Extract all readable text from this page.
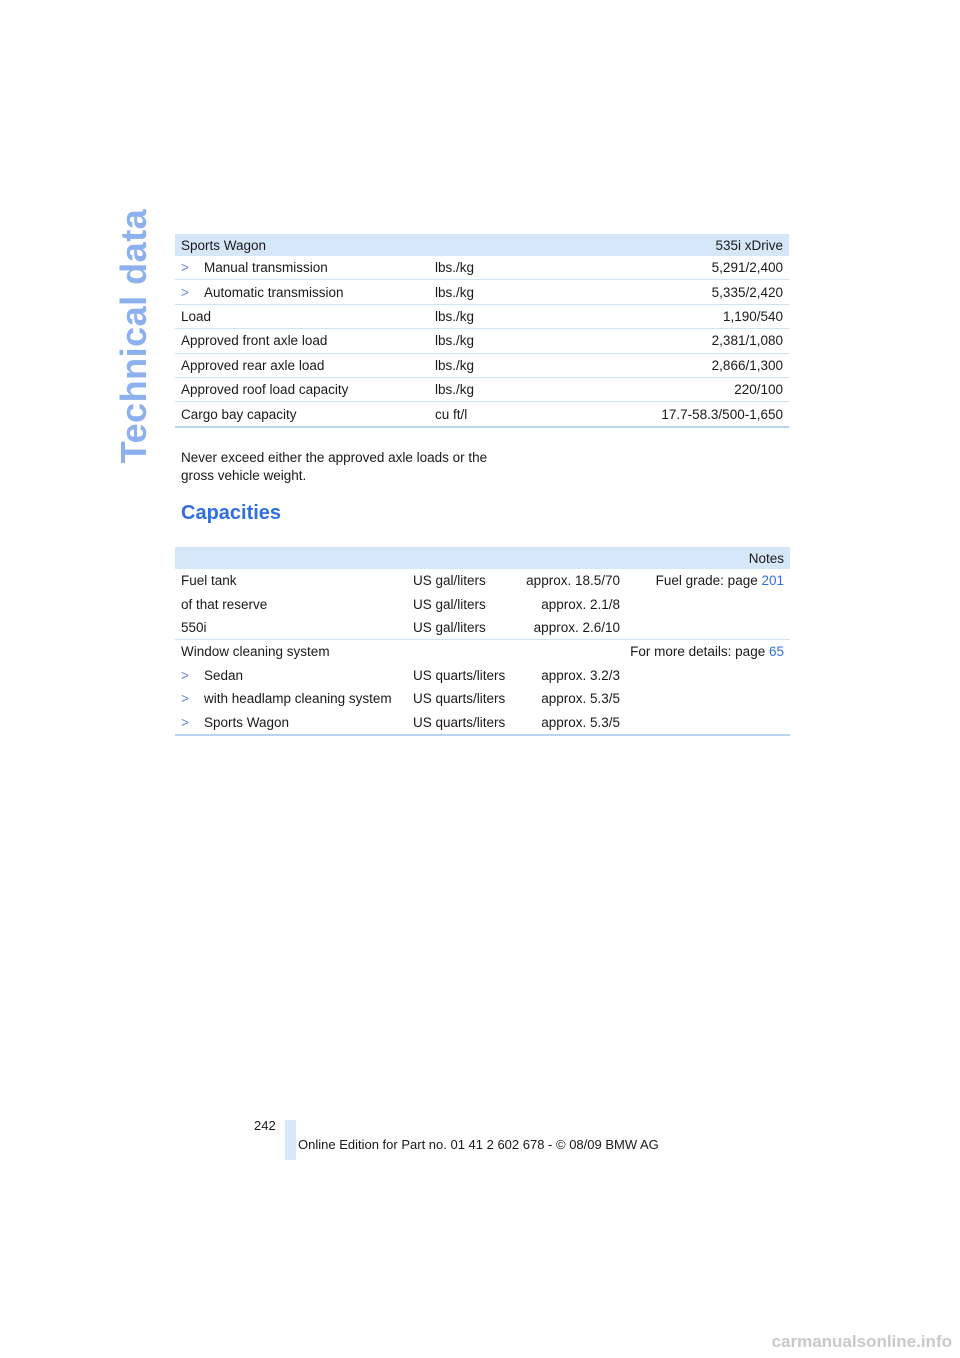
Technical data Sports Wagon		535i xDrive
> Manual transmission	lbs./kg	5,291/2,400
> Automatic transmission	lbs./kg	5,335/2,420
Load	lbs./kg	1,190/540
Approved front axle load	lbs./kg	2,381/1,080
Approved rear axle load	lbs./kg	2,866/1,300
Approved roof load capacity	lbs./kg	220/100
Cargo bay capacity	cu ft/l	17.7-58.3/500-1,650

Never exceed either the approved axle loads or the gross vehicle weight.

Capacities
			Notes
Fuel tank	US gal/liters	approx. 18.5/70	Fuel grade: page 201
of that reserve	US gal/liters	approx. 2.1/8	
550i	US gal/liters	approx. 2.6/10	
Window cleaning system			For more details: page 65
> Sedan	US quarts/liters	approx. 3.2/3	
> with headlamp cleaning system	US quarts/liters	approx. 5.3/5	
> Sports Wagon	US quarts/liters	approx. 5.3/5	
242
Online Edition for Part no. 01 41 2 602 678 - © 08/09 BMW AG
carmanualsonline.info
